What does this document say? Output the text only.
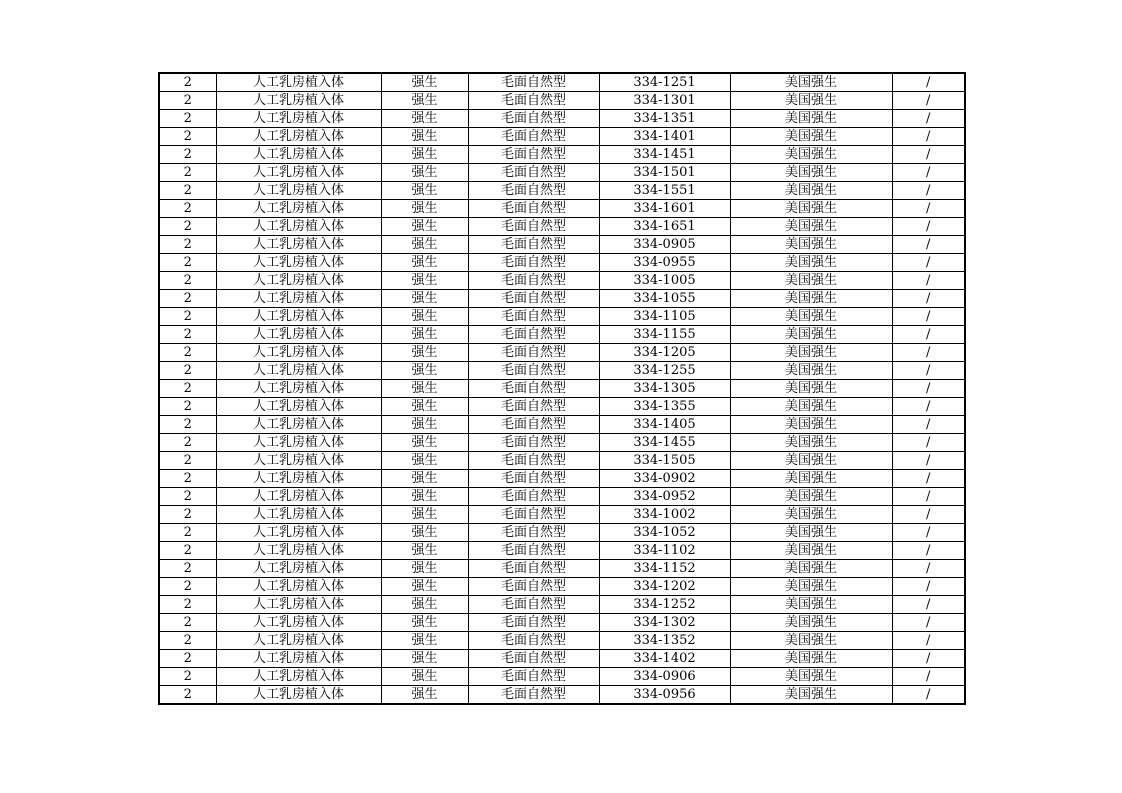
2	人工乳房植入体	强生	毛面自然型	334-1251	美国强生	/
2	人工乳房植入体	强生	毛面自然型	334-1301	美国强生	/
2	人工乳房植入体	强生	毛面自然型	334-1351	美国强生	/
2	人工乳房植入体	强生	毛面自然型	334-1401	美国强生	/
2	人工乳房植入体	强生	毛面自然型	334-1451	美国强生	/
2	人工乳房植入体	强生	毛面自然型	334-1501	美国强生	/
2	人工乳房植入体	强生	毛面自然型	334-1551	美国强生	/
2	人工乳房植入体	强生	毛面自然型	334-1601	美国强生	/
2	人工乳房植入体	强生	毛面自然型	334-1651	美国强生	/
2	人工乳房植入体	强生	毛面自然型	334-0905	美国强生	/
2	人工乳房植入体	强生	毛面自然型	334-0955	美国强生	/
2	人工乳房植入体	强生	毛面自然型	334-1005	美国强生	/
2	人工乳房植入体	强生	毛面自然型	334-1055	美国强生	/
2	人工乳房植入体	强生	毛面自然型	334-1105	美国强生	/
2	人工乳房植入体	强生	毛面自然型	334-1155	美国强生	/
2	人工乳房植入体	强生	毛面自然型	334-1205	美国强生	/
2	人工乳房植入体	强生	毛面自然型	334-1255	美国强生	/
2	人工乳房植入体	强生	毛面自然型	334-1305	美国强生	/
2	人工乳房植入体	强生	毛面自然型	334-1355	美国强生	/
2	人工乳房植入体	强生	毛面自然型	334-1405	美国强生	/
2	人工乳房植入体	强生	毛面自然型	334-1455	美国强生	/
2	人工乳房植入体	强生	毛面自然型	334-1505	美国强生	/
2	人工乳房植入体	强生	毛面自然型	334-0902	美国强生	/
2	人工乳房植入体	强生	毛面自然型	334-0952	美国强生	/
2	人工乳房植入体	强生	毛面自然型	334-1002	美国强生	/
2	人工乳房植入体	强生	毛面自然型	334-1052	美国强生	/
2	人工乳房植入体	强生	毛面自然型	334-1102	美国强生	/
2	人工乳房植入体	强生	毛面自然型	334-1152	美国强生	/
2	人工乳房植入体	强生	毛面自然型	334-1202	美国强生	/
2	人工乳房植入体	强生	毛面自然型	334-1252	美国强生	/
2	人工乳房植入体	强生	毛面自然型	334-1302	美国强生	/
2	人工乳房植入体	强生	毛面自然型	334-1352	美国强生	/
2	人工乳房植入体	强生	毛面自然型	334-1402	美国强生	/
2	人工乳房植入体	强生	毛面自然型	334-0906	美国强生	/
2	人工乳房植入体	强生	毛面自然型	334-0956	美国强生	/
